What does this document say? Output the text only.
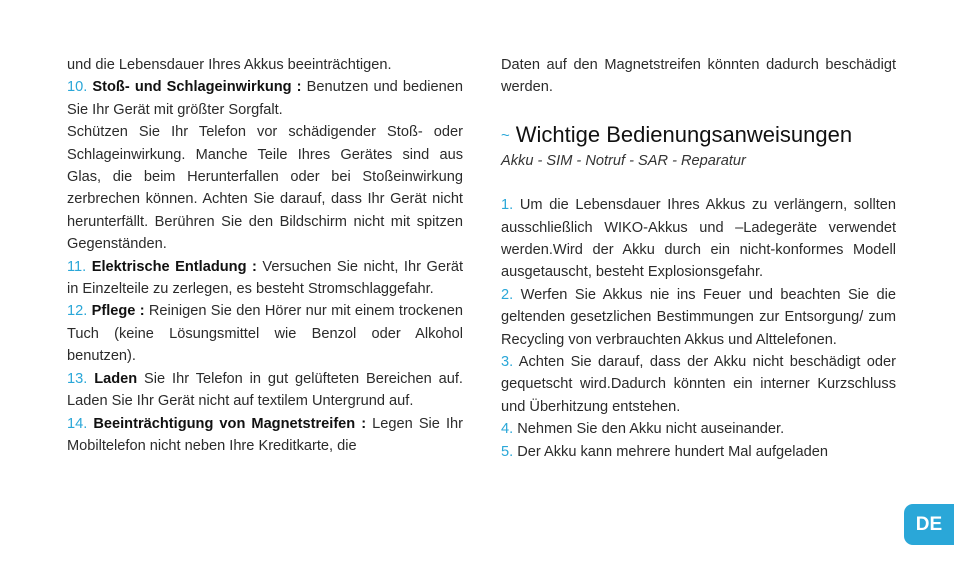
und die Lebensdauer Ihres Akkus beeinträchtigen.

10. Stoß- und Schlageinwirkung : Benutzen und bedienen Sie Ihr Gerät mit größter Sorgfalt.

Schützen Sie Ihr Telefon vor schädigender Stoß- oder Schlageinwirkung. Manche Teile Ihres Gerätes sind aus Glas, die beim Herunterfallen oder bei Stoßeinwirkung zerbrechen können. Achten Sie darauf, dass Ihr Gerät nicht herunterfällt. Berühren Sie den Bildschirm nicht mit spitzen Gegenständen.

11. Elektrische Entladung : Versuchen Sie nicht, Ihr Gerät in Einzelteile zu zerlegen, es besteht Stromschlaggefahr.

12. Pflege : Reinigen Sie den Hörer nur mit einem trockenen Tuch (keine Lösungsmittel wie Benzol oder Alkohol benutzen).

13. Laden Sie Ihr Telefon in gut gelüfteten Bereichen auf. Laden Sie Ihr Gerät nicht auf textilem Untergrund auf.

14. Beeinträchtigung von Magnetstreifen : Legen Sie Ihr Mobiltelefon nicht neben Ihre Kreditkarte, die

Daten auf den Magnetstreifen könnten dadurch beschädigt werden.

~ Wichtige Bedienungsanweisungen

Akku - SIM - Notruf - SAR - Reparatur

1. Um die Lebensdauer Ihres Akkus zu verlängern, sollten ausschließlich WIKO-Akkus und –Ladegeräte verwendet werden.Wird der Akku durch ein nicht-konformes Modell ausgetauscht, besteht Explosionsgefahr.

2. Werfen Sie Akkus nie ins Feuer und beachten Sie die geltenden gesetzlichen Bestimmungen zur Entsorgung/ zum Recycling von verbrauchten Akkus und Alttelefonen.

3. Achten Sie darauf, dass der Akku nicht beschädigt oder gequetscht wird.Dadurch könnten ein interner Kurzschluss und Überhitzung entstehen.

4. Nehmen Sie den Akku nicht auseinander.

5. Der Akku kann mehrere hundert Mal aufgeladen

DE
